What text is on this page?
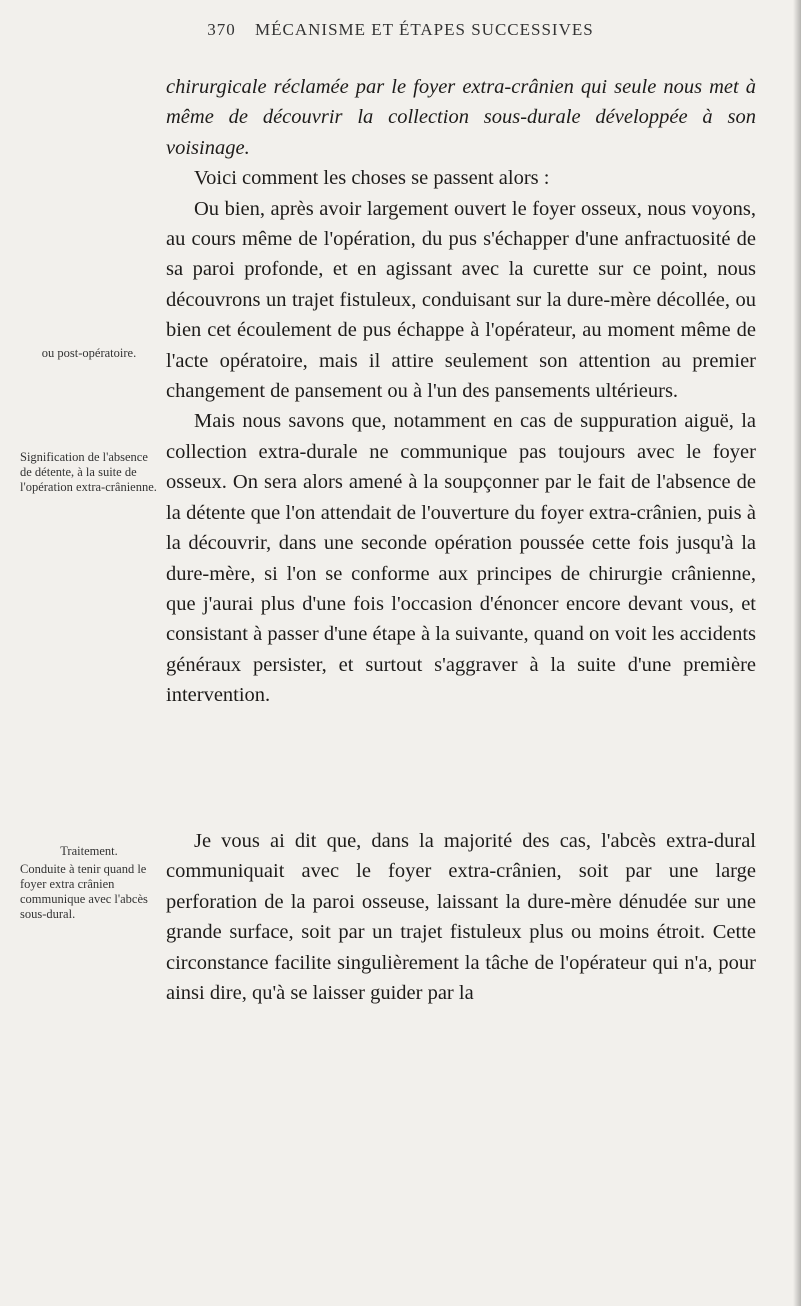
370 MÉCANISME ET ÉTAPES SUCCESSIVES

chirurgicale réclamée par le foyer extra-crânien qui seule nous met à même de découvrir la collection sous-durale développée à son voisinage.

Voici comment les choses se passent alors :

Ou bien, après avoir largement ouvert le foyer osseux, nous voyons, au cours même de l'opération, du pus s'échapper d'une anfractuosité de sa paroi profonde, et en agissant avec la curette sur ce point, nous découvrons un trajet fistuleux, conduisant sur la dure-mère décollée, ou bien cet écoulement de pus échappe à l'opérateur, au moment même de l'acte opératoire, mais il attire seulement son attention au premier changement de pansement ou à l'un des pansements ultérieurs.

Mais nous savons que, notamment en cas de suppuration aiguë, la collection extra-durale ne communique pas toujours avec le foyer osseux. On sera alors amené à la soupçonner par le fait de l'absence de la détente que l'on attendait de l'ouverture du foyer extra-crânien, puis à la découvrir, dans une seconde opération poussée cette fois jusqu'à la dure-mère, si l'on se conforme aux principes de chirurgie crânienne, que j'aurai plus d'une fois l'occasion d'énoncer encore devant vous, et consistant à passer d'une étape à la suivante, quand on voit les accidents généraux persister, et surtout s'aggraver à la suite d'une première intervention.

Je vous ai dit que, dans la majorité des cas, l'abcès extra-dural communiquait avec le foyer extra-crânien, soit par une large perforation de la paroi osseuse, laissant la dure-mère dénudée sur une grande surface, soit par un trajet fistuleux plus ou moins étroit. Cette circonstance facilite singulièrement la tâche de l'opérateur qui n'a, pour ainsi dire, qu'à se laisser guider par la

ou post-opératoire.
Signification de l'absence de détente, à la suite de l'opération extra-crânienne.
Traitement.
Conduite à tenir quand le foyer extra crânien communique avec l'abcès sous-dural.
